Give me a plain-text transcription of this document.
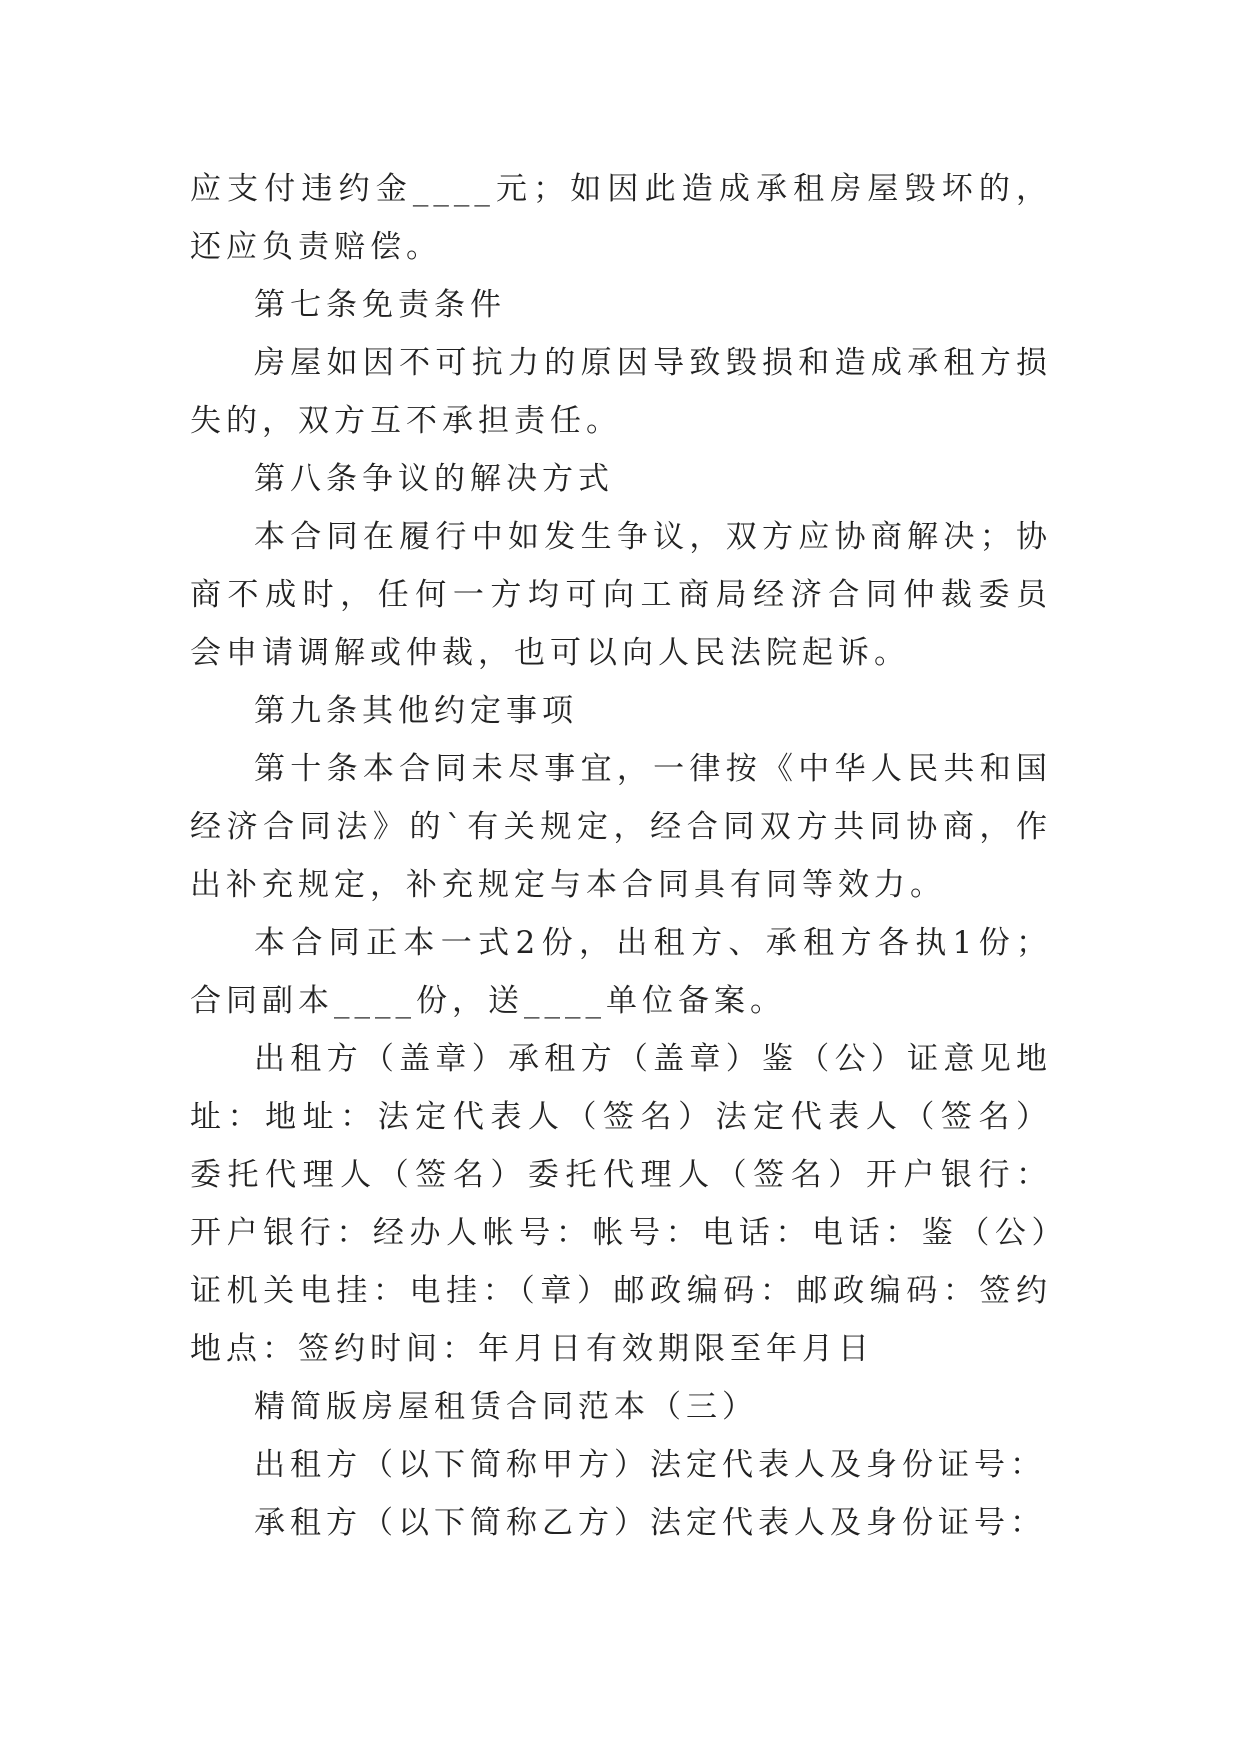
应支付违约金____元；如因此造成承租房屋毁坏的，还应负责赔偿。

第七条免责条件

房屋如因不可抗力的原因导致毁损和造成承租方损失的，双方互不承担责任。

第八条争议的解决方式

本合同在履行中如发生争议，双方应协商解决；协商不成时，任何一方均可向工商局经济合同仲裁委员会申请调解或仲裁，也可以向人民法院起诉。

第九条其他约定事项

第十条本合同未尽事宜，一律按《中华人民共和国经济合同法》的`有关规定，经合同双方共同协商，作出补充规定，补充规定与本合同具有同等效力。

本合同正本一式2份，出租方、承租方各执1份；合同副本____份，送____单位备案。

出租方（盖章）承租方（盖章）鉴（公）证意见地址：地址：法定代表人（签名）法定代表人（签名）委托代理人（签名）委托代理人（签名）开户银行：开户银行：经办人帐号：帐号：电话：电话：鉴（公）证机关电挂：电挂：（章）邮政编码：邮政编码：签约地点：签约时间：年月日有效期限至年月日

精简版房屋租赁合同范本（三）

出租方（以下简称甲方）法定代表人及身份证号：

承租方（以下简称乙方）法定代表人及身份证号：
